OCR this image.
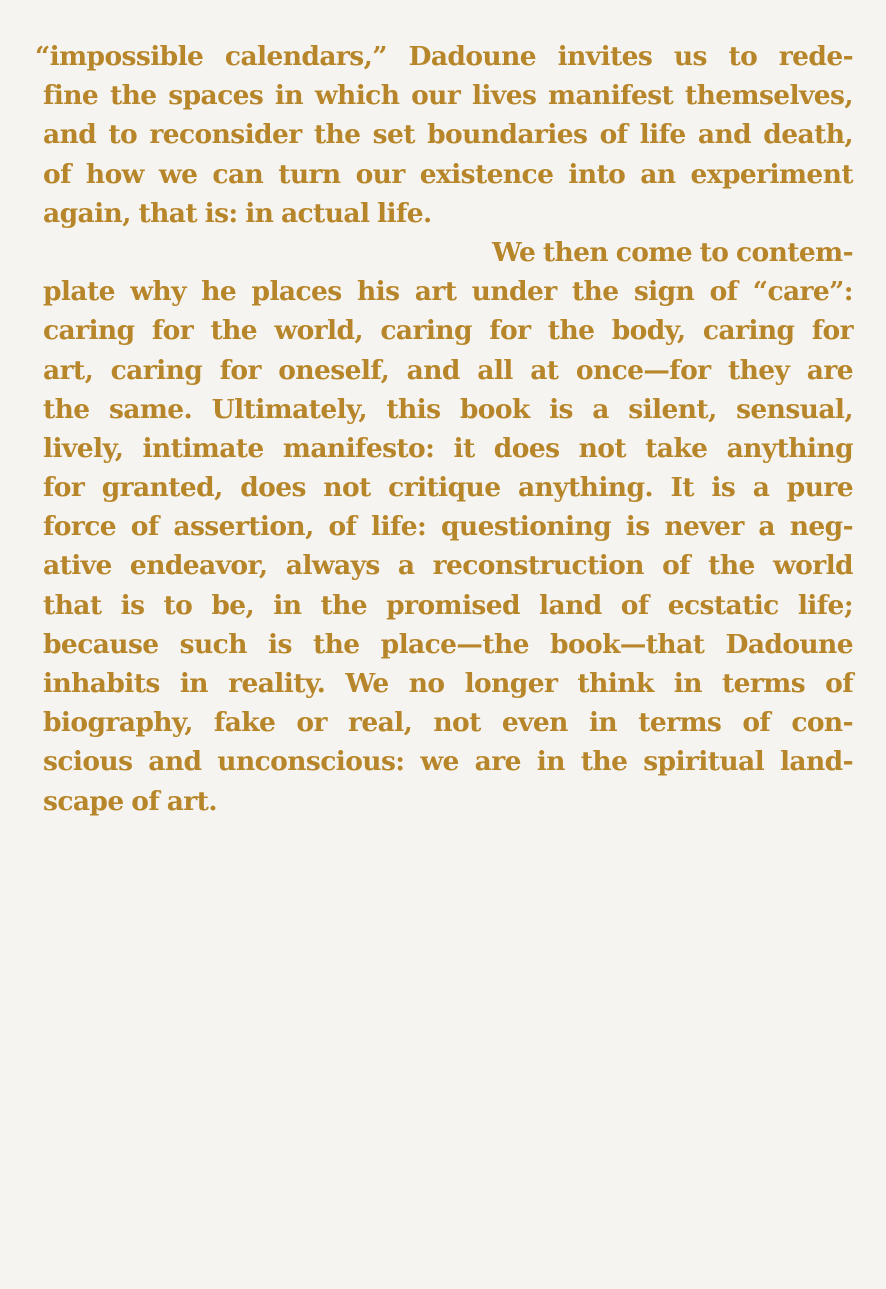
“impossible calendars,” Dadoune invites us to rede-
fine the spaces in which our lives manifest themselves,
and to reconsider the set boundaries of life and death,
of how we can turn our existence into an experiment
again, that is: in actual life.
We then come to contem-
plate why he places his art under the sign of “care”:
caring for the world, caring for the body, caring for
art, caring for oneself, and all at once—for they are
the same. Ultimately, this book is a silent, sensual,
lively, intimate manifesto: it does not take anything
for granted, does not critique anything. It is a pure
force of assertion, of life: questioning is never a neg-
ative endeavor, always a reconstruction of the world
that is to be, in the promised land of ecstatic life;
because such is the place—the book—that Dadoune
inhabits in reality. We no longer think in terms of
biography, fake or real, not even in terms of con-
scious and unconscious: we are in the spiritual land-
scape of art.
